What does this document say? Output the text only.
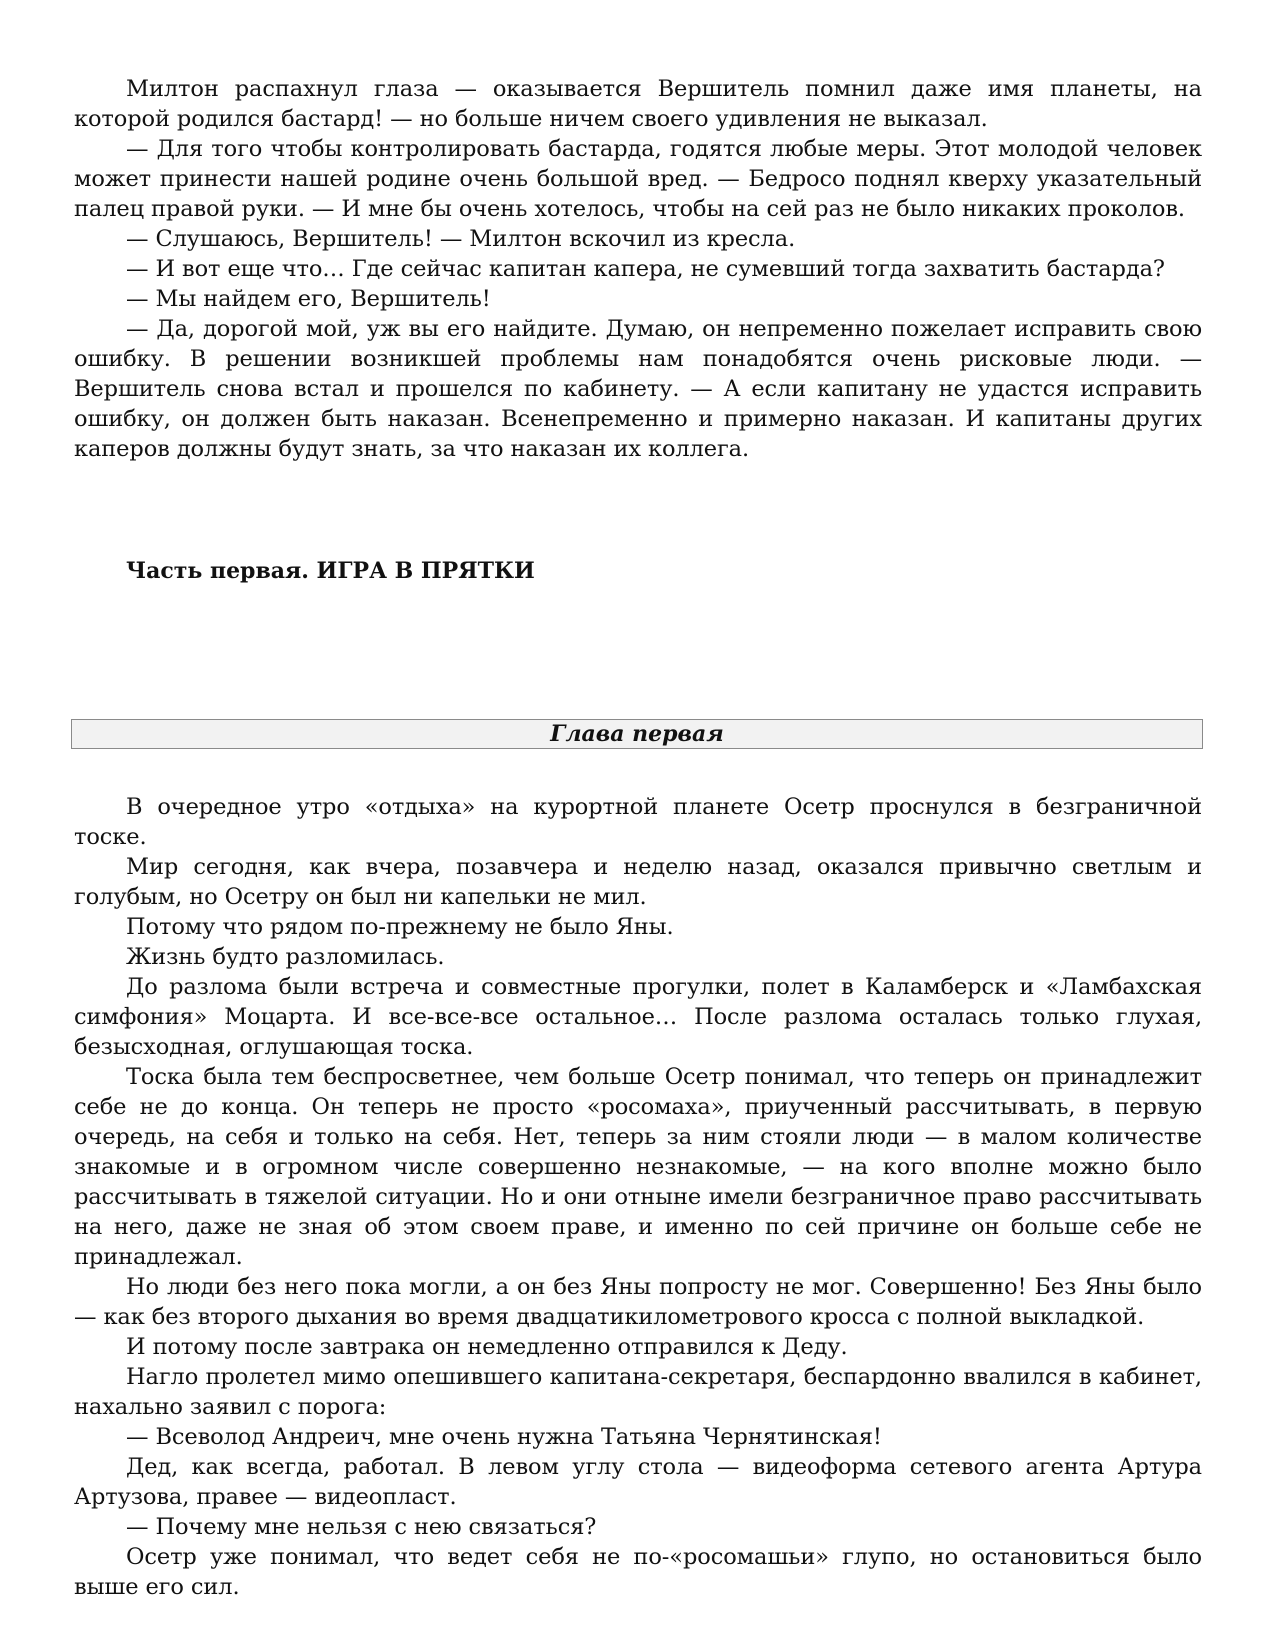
Милтон распахнул глаза — оказывается Вершитель помнил даже имя планеты, на которой родился бастард! — но больше ничем своего удивления не выказал.

— Для того чтобы контролировать бастарда, годятся любые меры. Этот молодой человек может принести нашей родине очень большой вред. — Бедросо поднял кверху указательный палец правой руки. — И мне бы очень хотелось, чтобы на сей раз не было никаких проколов.

— Слушаюсь, Вершитель! — Милтон вскочил из кресла.

— И вот еще что… Где сейчас капитан капера, не сумевший тогда захватить бастарда?

— Мы найдем его, Вершитель!

— Да, дорогой мой, уж вы его найдите. Думаю, он непременно пожелает исправить свою ошибку. В решении возникшей проблемы нам понадобятся очень рисковые люди. — Вершитель снова встал и прошелся по кабинету. — А если капитану не удастся исправить ошибку, он должен быть наказан. Всенепременно и примерно наказан. И капитаны других каперов должны будут знать, за что наказан их коллега.

Часть первая. ИГРА В ПРЯТКИ
Глава первая

В очередное утро «отдыха» на курортной планете Осетр проснулся в безграничной тоске.

Мир сегодня, как вчера, позавчера и неделю назад, оказался привычно светлым и голубым, но Осетру он был ни капельки не мил.

Потому что рядом по-прежнему не было Яны.

Жизнь будто разломилась.

До разлома были встреча и совместные прогулки, полет в Каламберск и «Ламбахская симфония» Моцарта. И все-все-все остальное… После разлома осталась только глухая, безысходная, оглушающая тоска.

Тоска была тем беспросветнее, чем больше Осетр понимал, что теперь он принадлежит себе не до конца. Он теперь не просто «росомаха», приученный рассчитывать, в первую очередь, на себя и только на себя. Нет, теперь за ним стояли люди — в малом количестве знакомые и в огромном числе совершенно незнакомые, — на кого вполне можно было рассчитывать в тяжелой ситуации. Но и они отныне имели безграничное право рассчитывать на него, даже не зная об этом своем праве, и именно по сей причине он больше себе не принадлежал.

Но люди без него пока могли, а он без Яны попросту не мог. Совершенно! Без Яны было — как без второго дыхания во время двадцатикилометрового кросса с полной выкладкой.

И потому после завтрака он немедленно отправился к Деду.

Нагло пролетел мимо опешившего капитана-секретаря, беспардонно ввалился в кабинет, нахально заявил с порога:

— Всеволод Андреич, мне очень нужна Татьяна Чернятинская!

Дед, как всегда, работал. В левом углу стола — видеоформа сетевого агента Артура Артузова, правее — видеопласт.

— Почему мне нельзя с нею связаться?

Осетр уже понимал, что ведет себя не по-«росомашьи» глупо, но остановиться было выше его сил.
